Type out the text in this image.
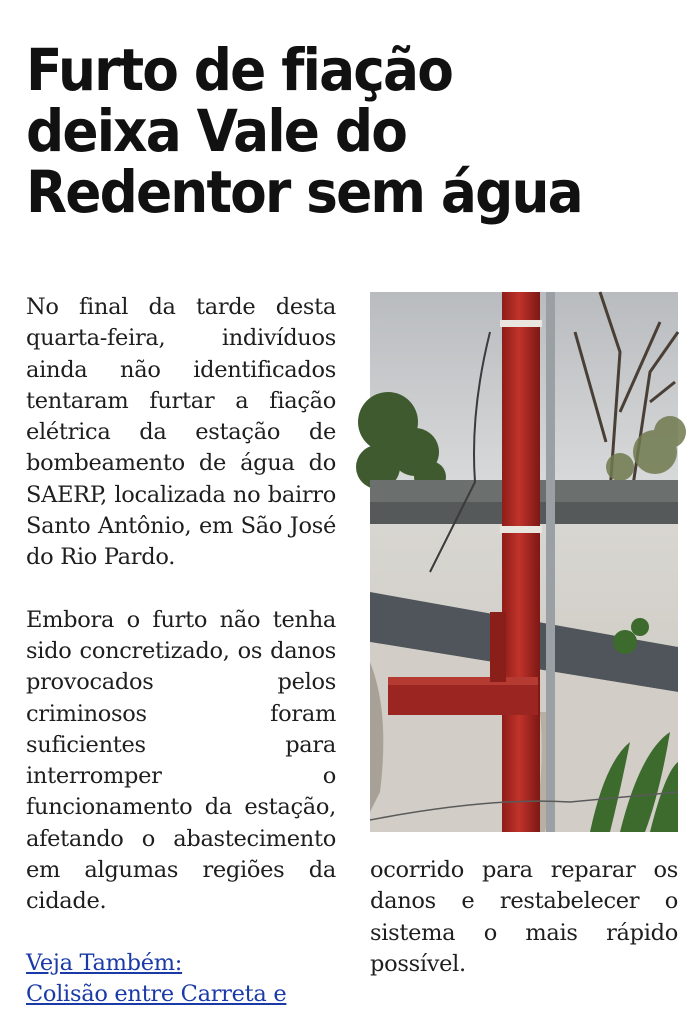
Furto de fiação deixa Vale do Redentor sem água

No final da tarde desta quarta-feira, indivíduos ainda não identificados tentaram furtar a fiação elétrica da estação de bombeamento de água do SAERP, localizada no bairro Santo Antônio, em São José do Rio Pardo.

Embora o furto não tenha sido concretizado, os danos provocados pelos criminosos foram suficientes para interromper o funcionamento da estação, afetando o abastecimento em algumas regiões da cidade.

Veja Também:
Colisão entre Carreta e

ocorrido para reparar os danos e restabelecer o sistema o mais rápido possível.
